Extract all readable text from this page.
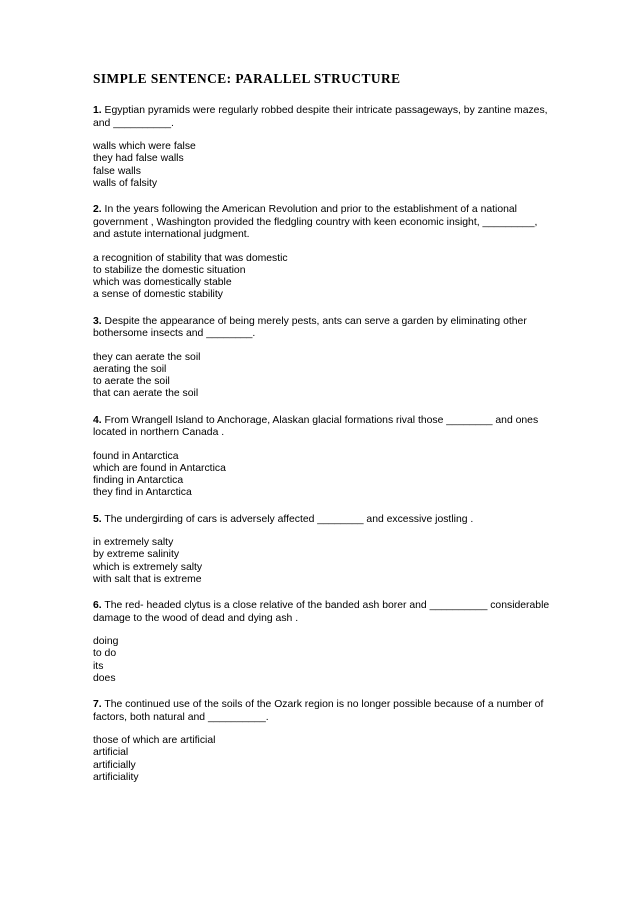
SIMPLE SENTENCE: PARALLEL STRUCTURE

1. Egyptian pyramids were regularly robbed despite their intricate passageways, by zantine mazes, and __________.

walls which were false
they had false walls
false walls
walls of falsity

2. In the years following the American Revolution and prior to the establishment of a national government , Washington provided the fledgling country with keen economic insight, _________, and astute international judgment.

a recognition of stability that was domestic
to stabilize the domestic situation
which was domestically stable
a sense of domestic stability

3. Despite the appearance of being merely pests, ants can serve a garden by eliminating other bothersome insects and ________.

they can aerate the soil
aerating the soil
to aerate the soil
that can aerate the soil

4. From Wrangell Island to Anchorage, Alaskan glacial formations rival those ________ and ones located in northern Canada .

found in Antarctica
which are found in Antarctica
finding in Antarctica
they find in Antarctica

5. The undergirding of cars is adversely affected ________ and excessive jostling .

in extremely salty
by extreme salinity
which is extremely salty
with salt that is extreme

6. The red- headed clytus is a close relative of the banded ash borer and __________ considerable damage to the wood of dead and dying ash .

doing
to do
its
does

7. The continued use of the soils of the Ozark region is no longer possible because of a number of factors, both natural and __________.

those of which are artificial
artificial
artificially
artificiality
